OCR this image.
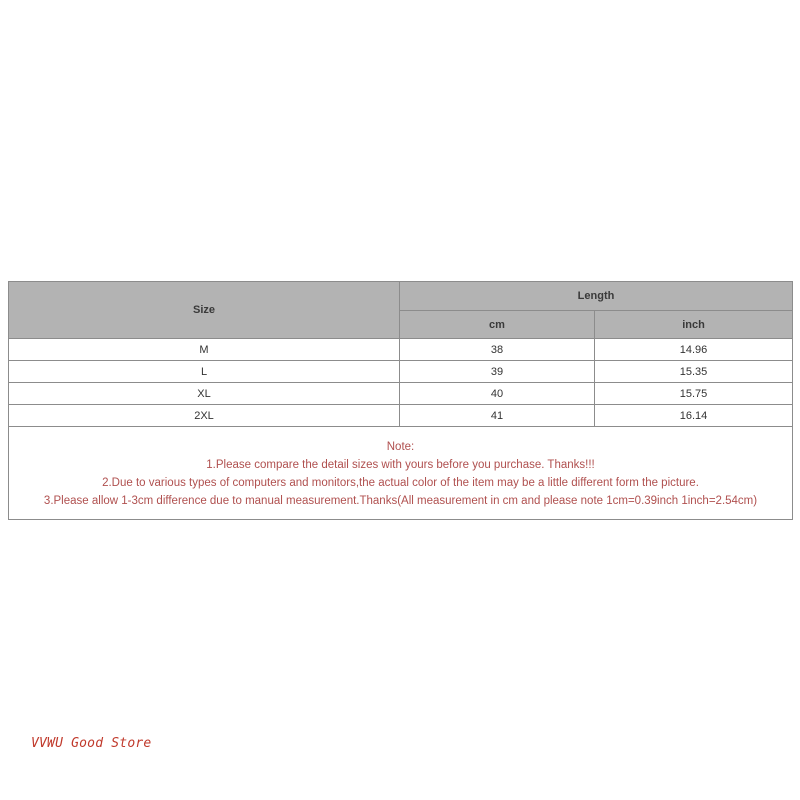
Size	Length	
	cm	inch
M	38	14.96
L	39	15.35
XL	40	15.75
2XL	41	16.14

Note:
1.Please compare the detail sizes with yours before you purchase. Thanks!!!
2.Due to various types of computers and monitors,the actual color of the item may be a little different form the picture.
3.Please allow 1-3cm difference due to manual measurement.Thanks(All measurement in cm and please note 1cm=0.39inch 1inch=2.54cm)		
VVWU Good Store
